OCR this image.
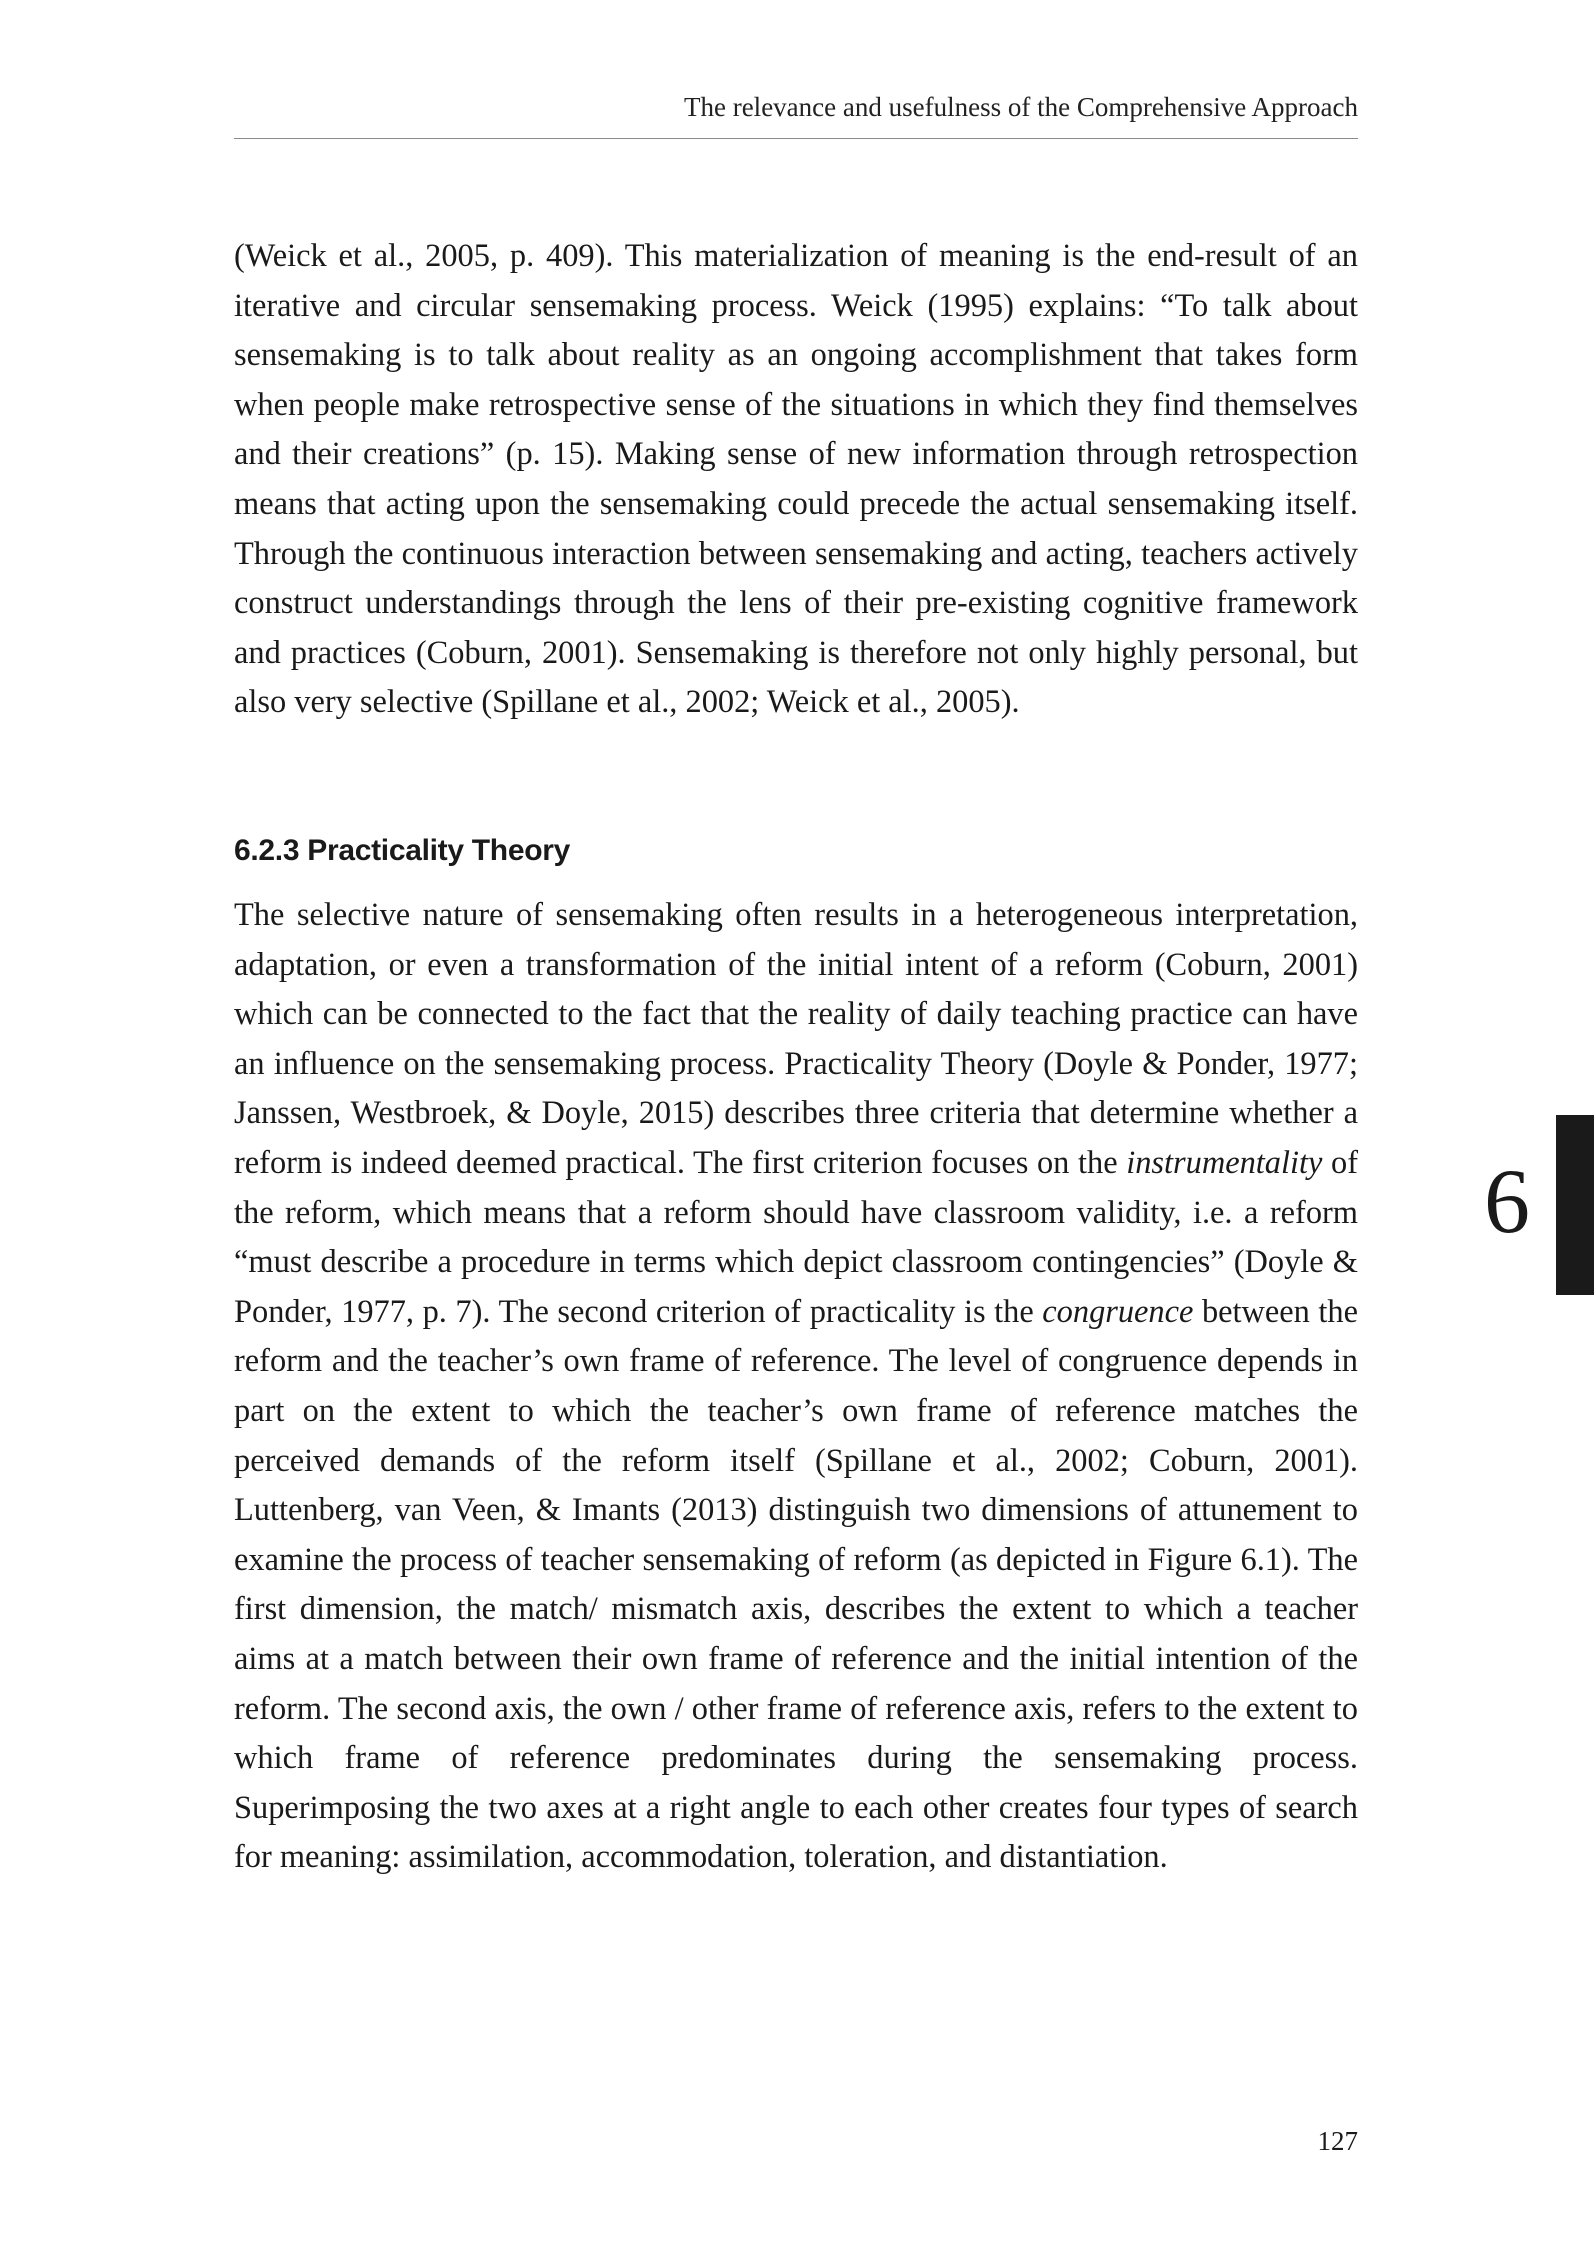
The relevance and usefulness of the Comprehensive Approach

(Weick et al., 2005, p. 409). This materialization of meaning is the end-result of an iterative and circular sensemaking process. Weick (1995) explains: “To talk about sensemaking is to talk about reality as an ongoing accomplishment that takes form when people make retrospective sense of the situations in which they find themselves and their creations” (p. 15). Making sense of new information through retrospection means that acting upon the sensemaking could precede the actual sensemaking itself. Through the continuous interaction between sensemaking and acting, teachers actively construct understandings through the lens of their pre-existing cognitive framework and practices (Coburn, 2001). Sensemaking is therefore not only highly personal, but also very selective (Spillane et al., 2002; Weick et al., 2005).

6.2.3 Practicality Theory

The selective nature of sensemaking often results in a heterogeneous interpretation, adaptation, or even a transformation of the initial intent of a reform (Coburn, 2001) which can be connected to the fact that the reality of daily teaching practice can have an influence on the sensemaking process. Practicality Theory (Doyle & Ponder, 1977; Janssen, Westbroek, & Doyle, 2015) describes three criteria that determine whether a reform is indeed deemed practical. The first criterion focuses on the instrumentality of the reform, which means that a reform should have classroom validity, i.e. a reform “must describe a procedure in terms which depict classroom contingencies” (Doyle & Ponder, 1977, p. 7). The second criterion of practicality is the congruence between the reform and the teacher’s own frame of reference. The level of congruence depends in part on the extent to which the teacher’s own frame of reference matches the perceived demands of the reform itself (Spillane et al., 2002; Coburn, 2001). Luttenberg, van Veen, & Imants (2013) distinguish two dimensions of attunement to examine the process of teacher sensemaking of reform (as depicted in Figure 6.1). The first dimension, the match/ mismatch axis, describes the extent to which a teacher aims at a match between their own frame of reference and the initial intention of the reform. The second axis, the own / other frame of reference axis, refers to the extent to which frame of reference predominates during the sensemaking process. Superimposing the two axes at a right angle to each other creates four types of search for meaning: assimilation, accommodation, toleration, and distantiation.

6
127
